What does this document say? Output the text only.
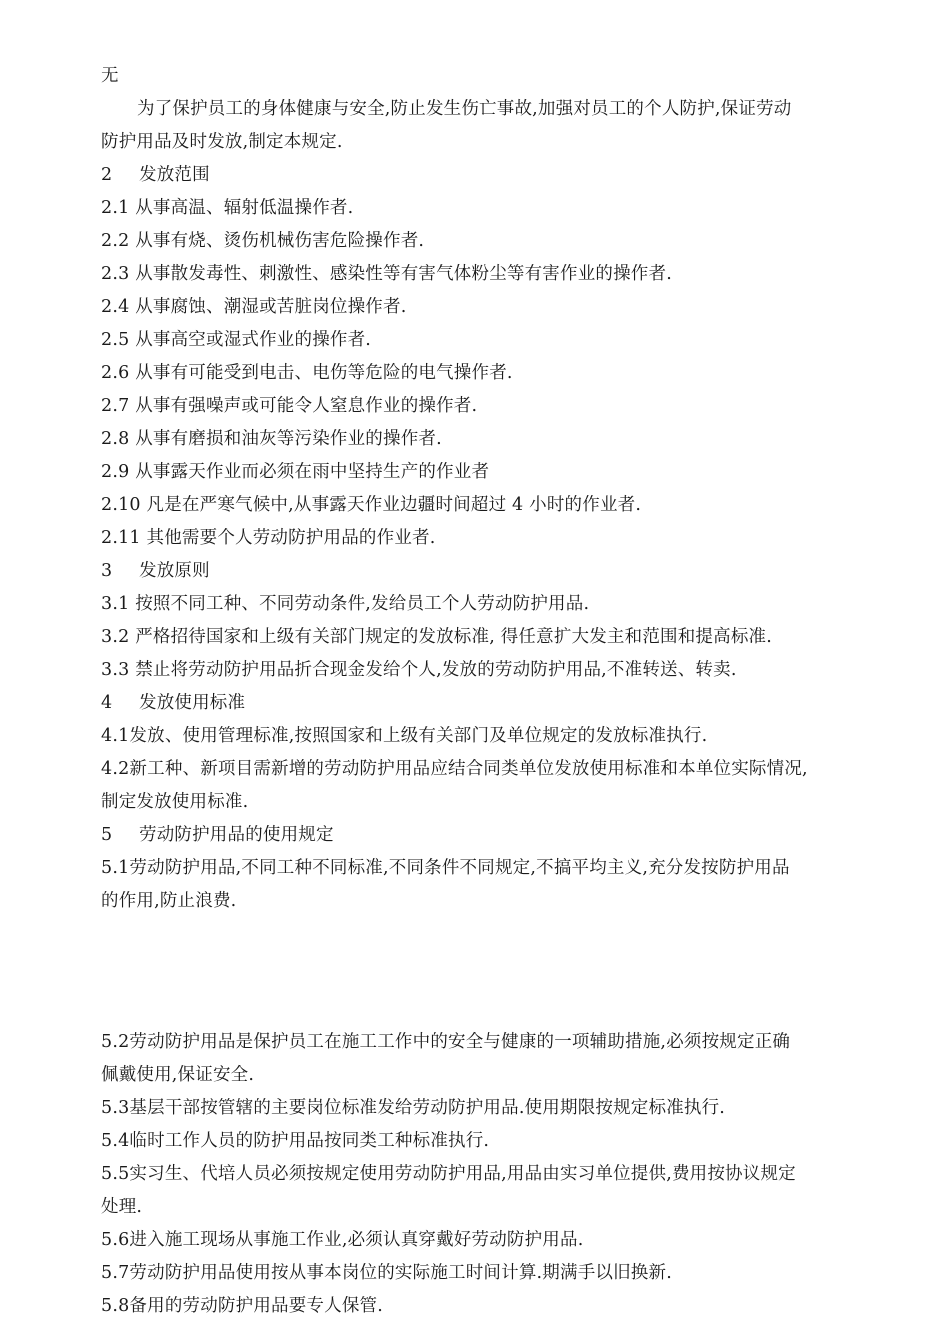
无
为了保护员工的身体健康与安全,防止发生伤亡事故,加强对员工的个人防护,保证劳动
防护用品及时发放,制定本规定.
2 发放范围
2.1 从事高温、辐射低温操作者.
2.2 从事有烧、烫伤机械伤害危险操作者.
2.3 从事散发毒性、刺激性、感染性等有害气体粉尘等有害作业的操作者.
2.4 从事腐蚀、潮湿或苦脏岗位操作者.
2.5 从事高空或湿式作业的操作者.
2.6 从事有可能受到电击、电伤等危险的电气操作者.
2.7 从事有强噪声或可能令人窒息作业的操作者.
2.8 从事有磨损和油灰等污染作业的操作者.
2.9 从事露天作业而必须在雨中坚持生产的作业者
2.10 凡是在严寒气候中,从事露天作业边疆时间超过 4 小时的作业者.
2.11 其他需要个人劳动防护用品的作业者.
3 发放原则
3.1 按照不同工种、不同劳动条件,发给员工个人劳动防护用品.
3.2 严格招待国家和上级有关部门规定的发放标准, 得任意扩大发主和范围和提高标准.
3.3 禁止将劳动防护用品折合现金发给个人,发放的劳动防护用品,不准转送、转卖.
4 发放使用标准
4.1发放、使用管理标准,按照国家和上级有关部门及单位规定的发放标准执行.
4.2新工种、新项目需新增的劳动防护用品应结合同类单位发放使用标准和本单位实际情况,
制定发放使用标准.
5 劳动防护用品的使用规定
5.1劳动防护用品,不同工种不同标准,不同条件不同规定,不搞平均主义,充分发按防护用品
的作用,防止浪费.
5.2劳动防护用品是保护员工在施工工作中的安全与健康的一项辅助措施,必须按规定正确
佩戴使用,保证安全.
5.3基层干部按管辖的主要岗位标准发给劳动防护用品.使用期限按规定标准执行.
5.4临时工作人员的防护用品按同类工种标准执行.
5.5实习生、代培人员必须按规定使用劳动防护用品,用品由实习单位提供,费用按协议规定
处理.
5.6进入施工现场从事施工作业,必须认真穿戴好劳动防护用品.
5.7劳动防护用品使用按从事本岗位的实际施工时间计算.期满手以旧换新.
5.8备用的劳动防护用品要专人保管.
